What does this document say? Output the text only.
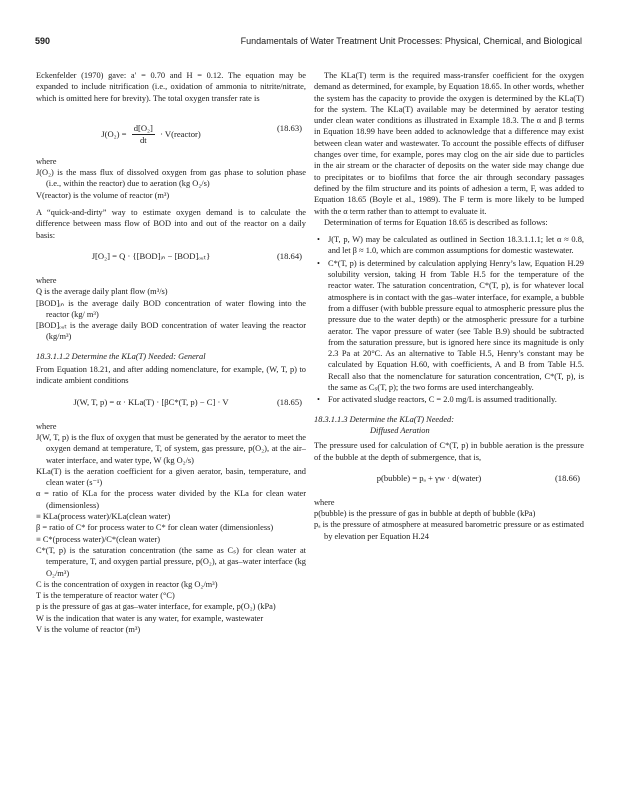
590	Fundamentals of Water Treatment Unit Processes: Physical, Chemical, and Biological

Eckenfelder (1970) gave: a′ = 0.70 and H = 0.12. The equation may be expanded to include nitrification (i.e., oxidation of ammonia to nitrite/nitrate, which is omitted here for brevity). The total oxygen transfer rate is

$J(O_2) = \frac{\text{d[O₂]}}{dt}$ · V(reactor)
(18.63)

where

J(O₂) is the mass flux of dissolved oxygen from gas phase to solution phase (i.e., within the reactor) due to aeration (kg O₂/s)

V(reactor) is the volume of reactor (m³)

A “quick-and-dirty” way to estimate oxygen demand is to calculate the difference between mass flow of BOD into and out of the reactor on a daily basis:

J[O₂] = Q · {[BOD]ᵢₙ − [BOD]ₒᵤₜ}	(18.64)

where

Q is the average daily plant flow (m³/s)

[BOD]ᵢₙ is the average daily BOD concentration of water flowing into the reactor (kg/ m³)

[BOD]ₒᵤₜ is the average daily BOD concentration of water leaving the reactor (kg/m³)

18.3.1.1.2 Determine the KLa(T) Needed: General

From Equation 18.21, and after adding nomenclature, for example, (W, T, p) to indicate ambient conditions

J(W, T, p) = α · KLa(T) · [βC*(T, p) − C] · V	(18.65)

where

J(W, T, p) is the flux of oxygen that must be generated by the aerator to meet the oxygen demand at temperature, T, of system, gas pressure, p(O₂), at the air–water interface, and water type, W (kg O₂/s)

KLa(T) is the aeration coefficient for a given aerator, basin, temperature, and clean water (s⁻¹)

α = ratio of KLa for the process water divided by the KLa for clean water (dimensionless)

≡ KLa(process water)/KLa(clean water)

β = ratio of C* for process water to C* for clean water (dimensionless)

≡ C*(process water)/C*(clean water)

C*(T, p) is the saturation concentration (the same as Cₛ) for clean water at temperature, T, and oxygen partial pressure, p(O₂), at gas–water interface (kg O₂/m³)

C is the concentration of oxygen in reactor (kg O₂/m³)

T is the temperature of reactor water (°C)

p is the pressure of gas at gas–water interface, for example, p(O₂) (kPa)

W is the indication that water is any water, for example, wastewater

V is the volume of reactor (m³)

The KLa(T) term is the required mass-transfer coefficient for the oxygen demand as determined, for example, by Equation 18.65. In other words, whether the system has the capacity to provide the oxygen is determined by the KLa(T) for the system. The KLa(T) available may be determined by aerator testing under clean water conditions as illustrated in Example 18.3. The α and β terms in Equation 18.99 have been added to acknowledge that a difference may exist between clean water and wastewater. To account the possible effects of diffuser changes over time, for example, pores may clog on the air side due to particles in the air stream or the character of deposits on the water side may change due to precipitates or to biofilms that force the air through secondary passages defined by the film structure and its points of adhesion a term, F, was added to Equation 18.65 (Boyle et al., 1989). The F term is more likely to be lumped with the α term rather than to attempt to evaluate it.

Determination of terms for Equation 18.65 is described as follows:

• J(T, p, W) may be calculated as outlined in Section 18.3.1.1.1; let α ≈ 0.8, and let β ≈ 1.0, which are common assumptions for domestic wastewater.
• C*(T, p) is determined by calculation applying Henry’s law, Equation H.29 solubility version, taking H from Table H.5 for the temperature of the reactor water. The saturation concentration, C*(T, p), is for whatever local atmosphere is in contact with the gas–water interface, for example, a bubble from a diffuser (with bubble pressure equal to atmospheric pressure plus the pressure due to the water depth) or the atmospheric pressure for a turbine aerator. The vapor pressure of water (see Table B.9) should be subtracted from the saturation pressure, but is ignored here since its magnitude is only 2.3 Pa at 20°C. As an alternative to Table H.5, Henry’s constant may be calculated by Equation H.60, with coefficients, A and B from Table H.5. Recall also that the nomenclature for saturation concentration, C*(T, p), is the same as Cₛ(T, p); the two forms are used interchangeably.
• For activated sludge reactors, C = 2.0 mg/L is assumed traditionally.
18.3.1.1.3 Determine the KLa(T) Needed:
Diffused Aeration

The pressure used for calculation of C*(T, p) in bubble aeration is the pressure of the bubble at the depth of submergence, that is,

p(bubble) = pₐ + γw · d(water)	(18.66)

where

p(bubble) is the pressure of gas in bubble at depth of bubble (kPa)

pₐ is the pressure of atmosphere at measured barometric pressure or as estimated by elevation per Equation H.24
